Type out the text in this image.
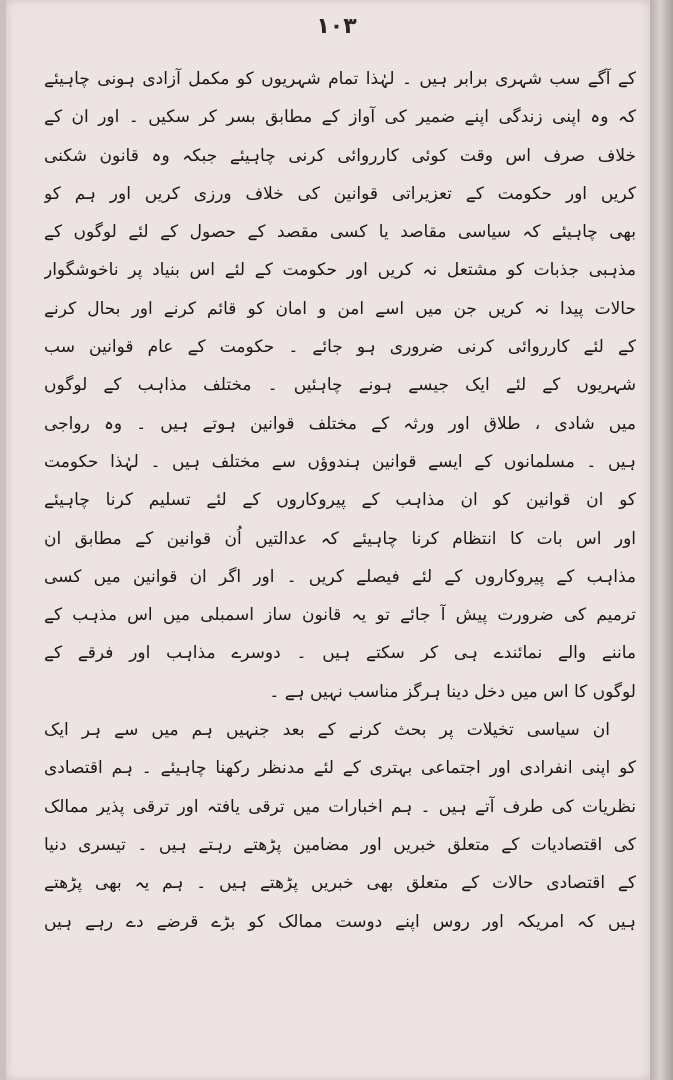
۱۰۳
کے آگے سب شہری برابر ہیں ۔ لہٰذا تمام شہریوں کو مکمل آزادی ہونی چاہیئے
کہ وہ اپنی زندگی اپنے ضمیر کی آواز کے مطابق بسر کر سکیں ۔ اور ان کے
خلاف صرف اس وقت کوئی کارروائی کرنی چاہیئے جبکہ وہ قانون شکنی
کریں اور حکومت کے تعزیراتی قوانین کی خلاف ورزی کریں اور ہم کو
بھی چاہیئے کہ سیاسی مقاصد یا کسی مقصد کے حصول کے لئے لوگوں کے
مذہبی جذبات کو مشتعل نہ کریں اور حکومت کے لئے اس بنیاد پر ناخوشگوار
حالات پیدا نہ کریں جن میں اسے امن و امان کو قائم کرنے اور بحال کرنے
کے لئے کارروائی کرنی ضروری ہو جائے ۔ حکومت کے عام قوانین سب
شہریوں کے لئے ایک جیسے ہونے چاہئیں ۔ مختلف مذاہب کے لوگوں
میں شادی ، طلاق اور ورثہ کے مختلف قوانین ہوتے ہیں ۔ وہ رواجی
ہیں ۔ مسلمانوں کے ایسے قوانین ہندوؤں سے مختلف ہیں ۔ لہٰذا حکومت
کو ان قوانین کو ان مذاہب کے پیروکاروں کے لئے تسلیم کرنا چاہیئے
اور اس بات کا انتظام کرنا چاہیئے کہ عدالتیں اُن قوانین کے مطابق ان
مذاہب کے پیروکاروں کے لئے فیصلے کریں ۔ اور اگر ان قوانین میں کسی
ترمیم کی ضرورت پیش آ جائے تو یہ قانون ساز اسمبلی میں اس مذہب کے
ماننے والے نمائندے ہی کر سکتے ہیں ۔ دوسرے مذاہب اور فرقے کے
لوگوں کا اس میں دخل دینا ہرگز مناسب نہیں ہے ۔
ان سیاسی تخیلات پر بحث کرنے کے بعد جنہیں ہم میں سے ہر ایک
کو اپنی انفرادی اور اجتماعی بہتری کے لئے مدنظر رکھنا چاہیئے ۔ ہم اقتصادی
نظریات کی طرف آتے ہیں ۔ ہم اخبارات میں ترقی یافتہ اور ترقی پذیر ممالک
کی اقتصادیات کے متعلق خبریں اور مضامین پڑھتے رہتے ہیں ۔ تیسری دنیا
کے اقتصادی حالات کے متعلق بھی خبریں پڑھتے ہیں ۔ ہم یہ بھی پڑھتے
ہیں کہ امریکہ اور روس اپنے دوست ممالک کو بڑے قرضے دے رہے ہیں
